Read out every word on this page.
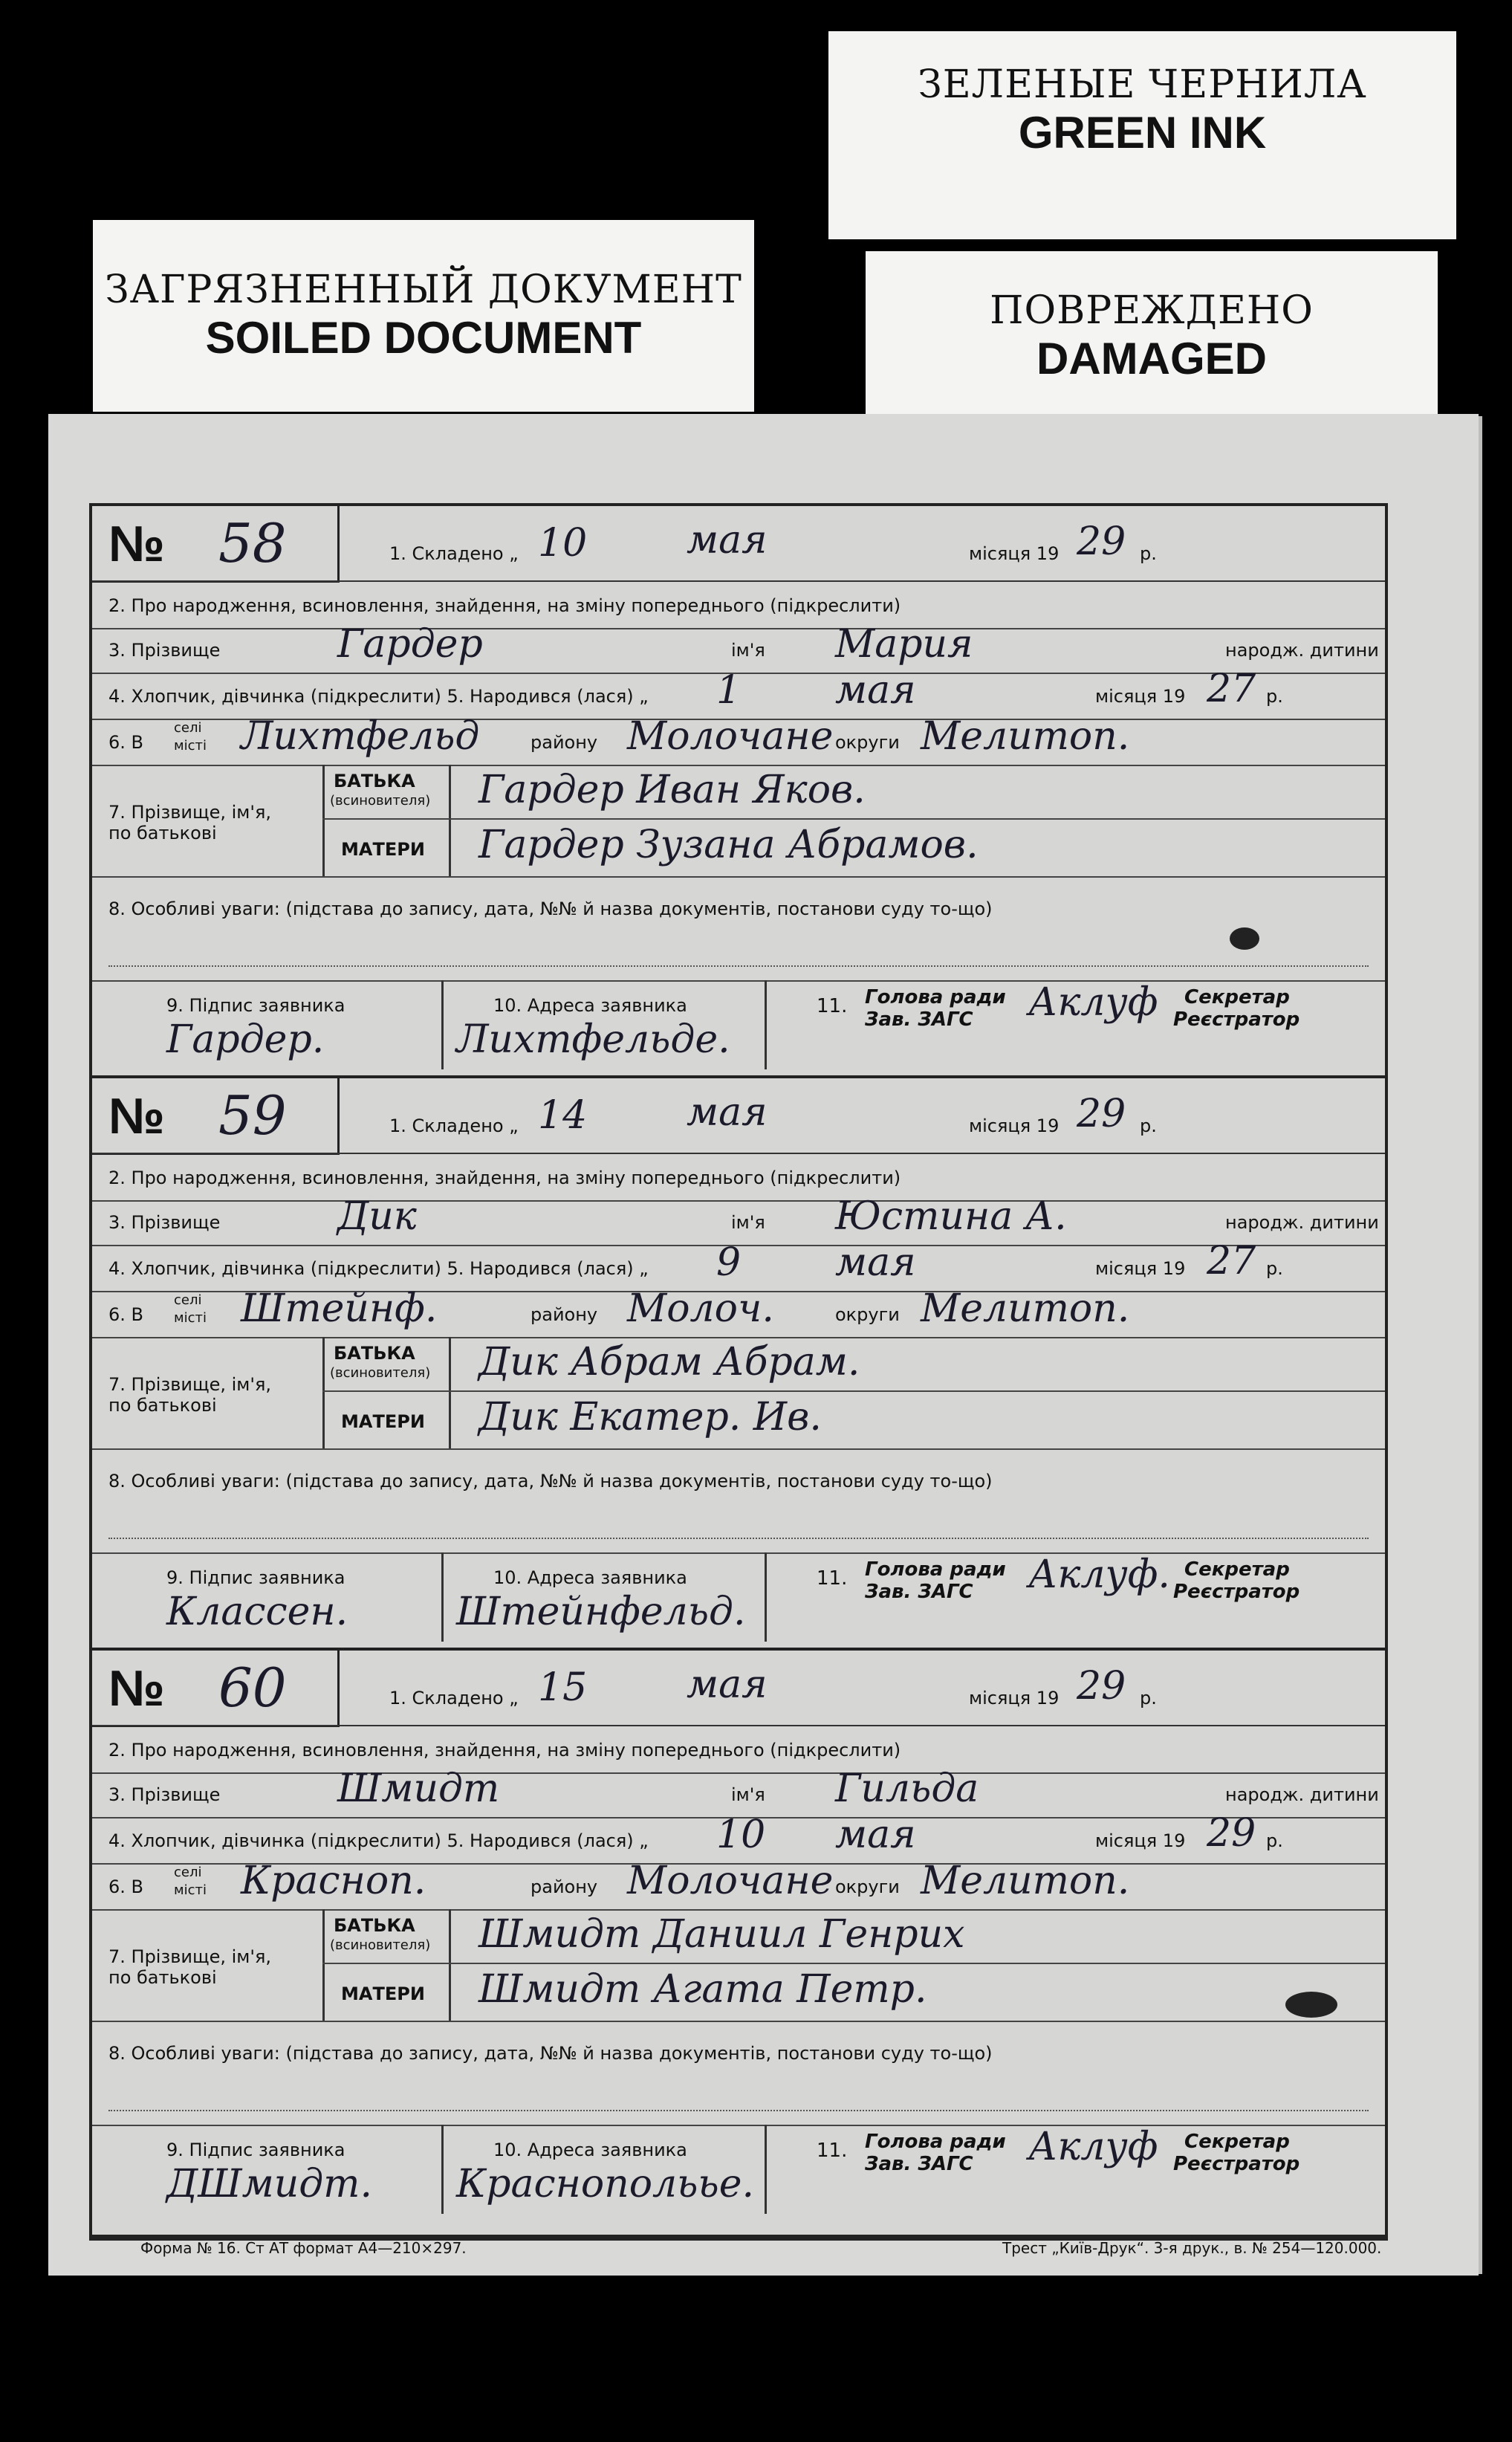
ЗЕЛЕНЫЕ ЧЕРНИЛА
GREEN INK
ЗАГРЯЗНЕННЫЙ ДОКУМЕНТ
SOILED DOCUMENT
ПОВРЕЖДЕНО
DAMAGED
№ 58	1. Складено „ 10	мая	місяця 19 29 р.
2. Про народження, всиновлення, знайдення, на зміну попереднього (підкреслити)
3. Прізвище	Гардер	ім'я Мария	народж. дитини
4. Хлопчик, дівчинка (підкреслити) 5. Народився (лася) „ 1 мая	місяця 19 27 р.
6. В
селі
місті Лихтфельд	району Молочане округи Мелитоп.
7. Прізвище, ім'я,
по батькові
БАТЬКА
(всиновителя) Гардер Иван Яков.
МАТЕРИ Гардер Зузана Абрамов.
8. Особливі уваги: (підстава до запису, дата, №№ й назва документів, постанови суду то-що)
9. Підпис заявника
Гардер.
10. Адреса заявника
Лихтфельде.
11. Голова ради
Зав. ЗАГС Аклуф Секретар
Реєстратор
№ 59	1. Складено „ 14	мая	місяця 19 29 р.
2. Про народження, всиновлення, знайдення, на зміну попереднього (підкреслити)
3. Прізвище	Дик	ім'я Юстина А.	народж. дитини
4. Хлопчик, дівчинка (підкреслити) 5. Народився (лася) „ 9 мая	місяця 19 27 р.
6. В
селі
місті Штейнф.	району Молоч.	округи Мелитоп.
7. Прізвище, ім'я,
по батькові
БАТЬКА
(всиновителя) Дик Абрам Абрам.
МАТЕРИ Дик Екатер. Ив.
8. Особливі уваги: (підстава до запису, дата, №№ й назва документів, постанови суду то-що)
9. Підпис заявника
Классен.
10. Адреса заявника
Штейнфельд.
11. Голова ради
Зав. ЗАГС Аклуф. Секретар
Реєстратор
№ 60	1. Складено „ 15	мая	місяця 19 29 р.
2. Про народження, всиновлення, знайдення, на зміну попереднього (підкреслити)
3. Прізвище	Шмидт	ім'я Гильда	народж. дитини
4. Хлопчик, дівчинка (підкреслити) 5. Народився (лася) „ 10 мая	місяця 19 29 р.
6. В
селі
місті Красноп.	району Молочане округи Мелитоп.
7. Прізвище, ім'я,
по батькові
БАТЬКА
(всиновителя) Шмидт Даниил Генрих
МАТЕРИ Шмидт Агата Петр.
8. Особливі уваги: (підстава до запису, дата, №№ й назва документів, постанови суду то-що)
9. Підпис заявника
ДШмидт.
10. Адреса заявника
Краснопольье.
11. Голова ради
Зав. ЗАГС Аклуф Секретар
Реєстратор
Форма № 16. Ст АТ формат А4—210×297.	Трест „Київ-Друк“. 3-я друк., в. № 254—120.000.
